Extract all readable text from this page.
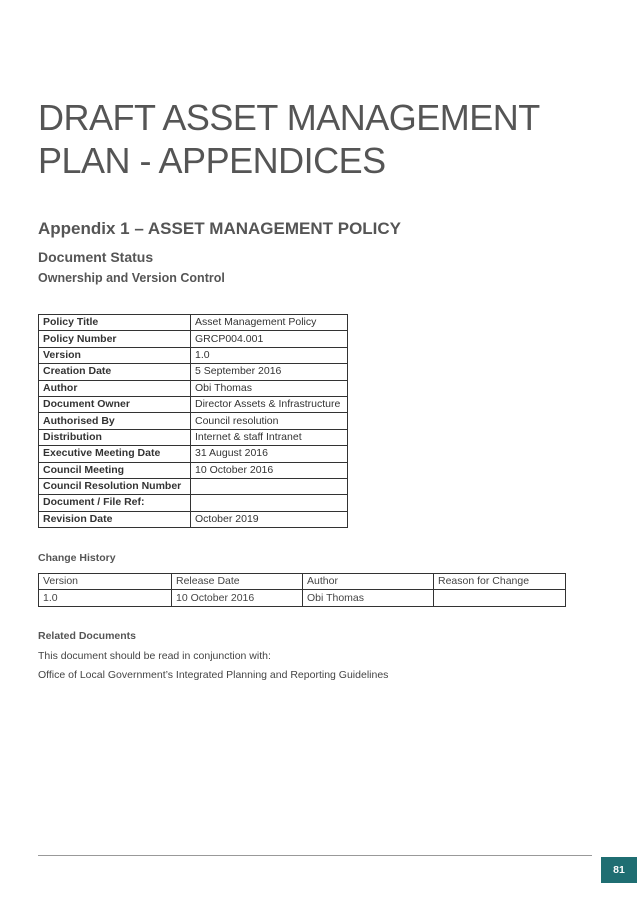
DRAFT ASSET MANAGEMENT
PLAN - APPENDICES
Appendix 1 – ASSET MANAGEMENT POLICY
Document Status
Ownership and Version Control
Policy Title	Asset Management Policy
Policy Number	GRCP004.001
Version	1.0
Creation Date	5 September 2016
Author	Obi Thomas
Document Owner	Director Assets & Infrastructure
Authorised By	Council resolution
Distribution	Internet & staff Intranet
Executive Meeting Date	31 August 2016
Council Meeting	10 October 2016
Council Resolution Number	
Document / File Ref:	
Revision Date	October 2019

Change History

Version	Release Date	Author	Reason for Change
1.0	10 October 2016	Obi Thomas	

Related Documents

This document should be read in conjunction with:

Office of Local Government’s Integrated Planning and Reporting Guidelines

81
